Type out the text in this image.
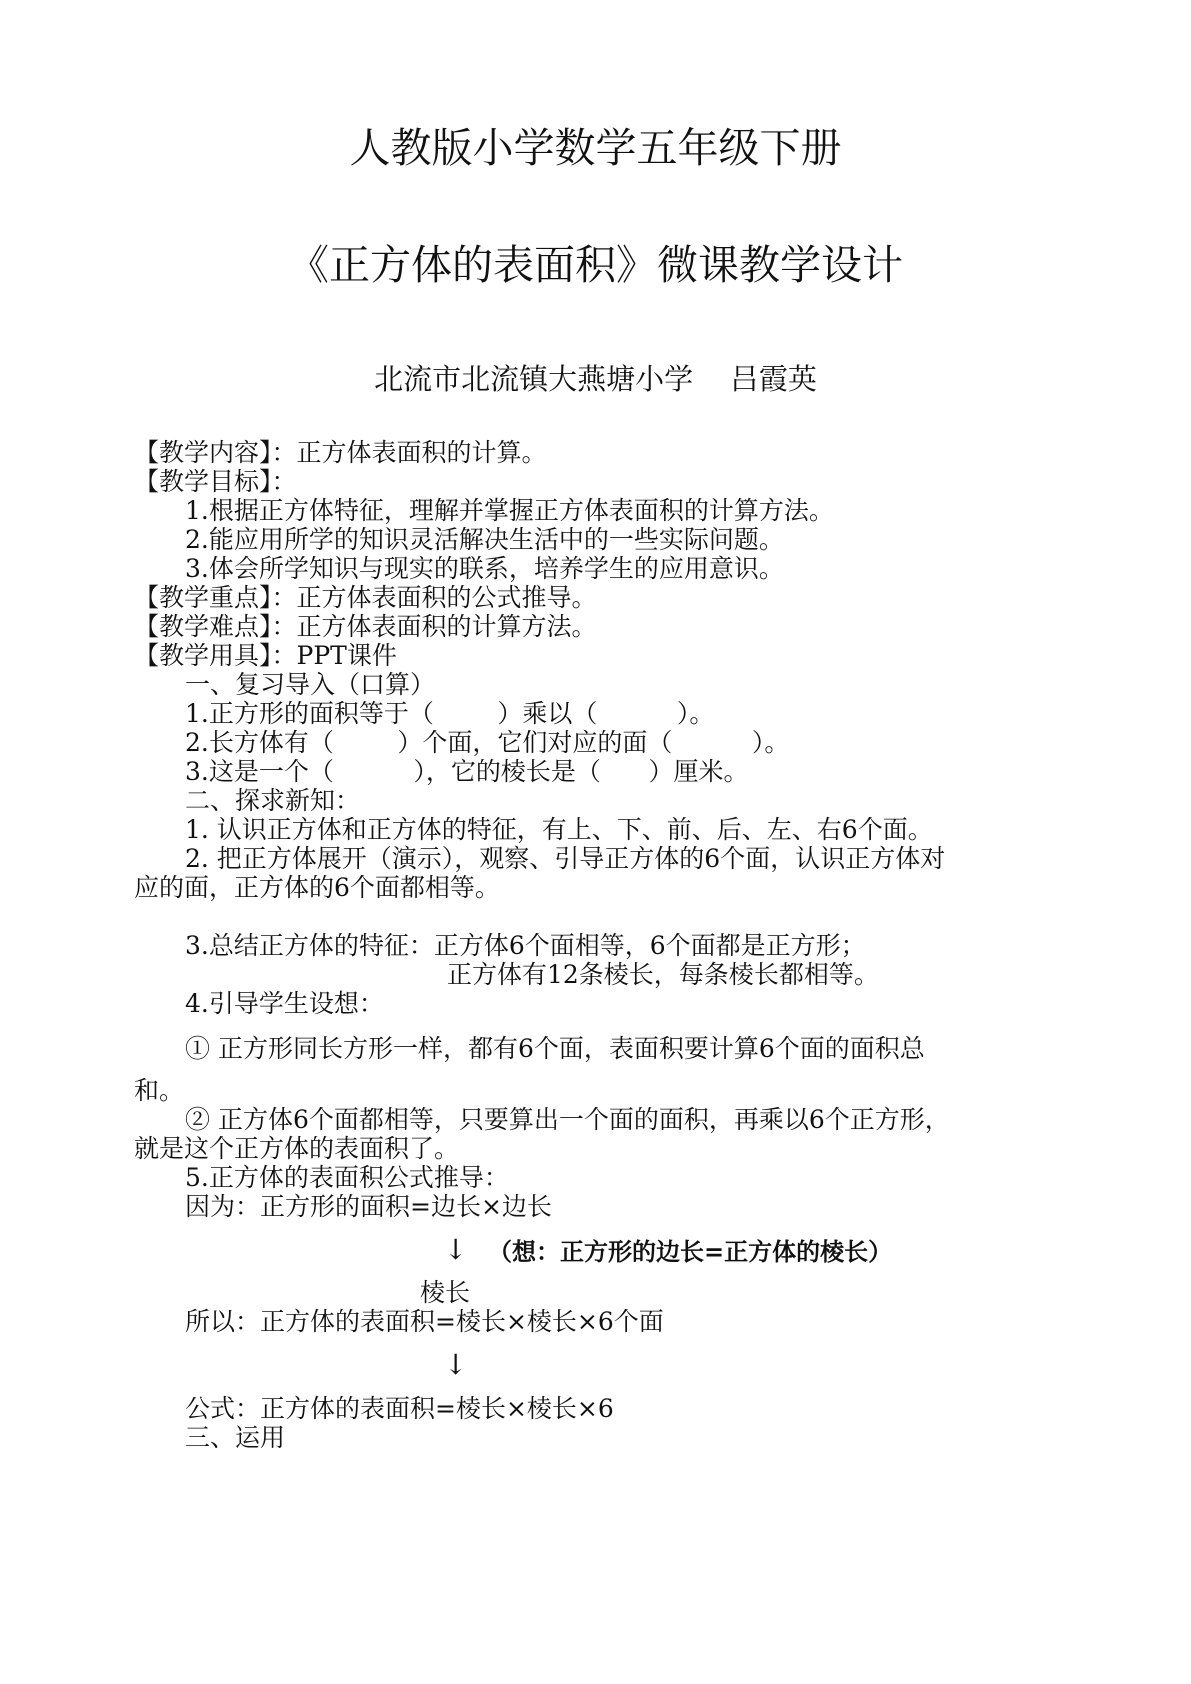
人教版小学数学五年级下册
《正方体的表面积》微课教学设计
北流市北流镇大燕塘小学    吕霞英
【教学内容】：正方体表面积的计算。
【教学目标】：
1.根据正方体特征，理解并掌握正方体表面积的计算方法。
2.能应用所学的知识灵活解决生活中的一些实际问题。
3.体会所学知识与现实的联系，培养学生的应用意识。
【教学重点】：正方体表面积的公式推导。
【教学难点】：正方体表面积的计算方法。
【教学用具】：PPT课件
一、复习导入（口算）
1.正方形的面积等于（        ）乘以（          ）。
2.长方体有（        ）个面，它们对应的面（          ）。
3.这是一个（          ），它的棱长是（      ）厘米。
二、探求新知：
1. 认识正方体和正方体的特征，有上、下、前、后、左、右6个面。
2. 把正方体展开（演示），观察、引导正方体的6个面，认识正方体对
应的面，正方体的6个面都相等。
3.总结正方体的特征：正方体6个面相等，6个面都是正方形；
正方体有12条棱长，每条棱长都相等。
4.引导学生设想：
① 正方形同长方形一样，都有6个面，表面积要计算6个面的面积总
和。
② 正方体6个面都相等，只要算出一个面的面积，再乘以6个正方形，
就是这个正方体的表面积了。
5.正方体的表面积公式推导：
因为：正方形的面积=边长×边长
↓ （想：正方形的边长=正方体的棱长）
棱长
所以：正方体的表面积=棱长×棱长×6个面
↓
公式：正方体的表面积=棱长×棱长×6
三、运用
